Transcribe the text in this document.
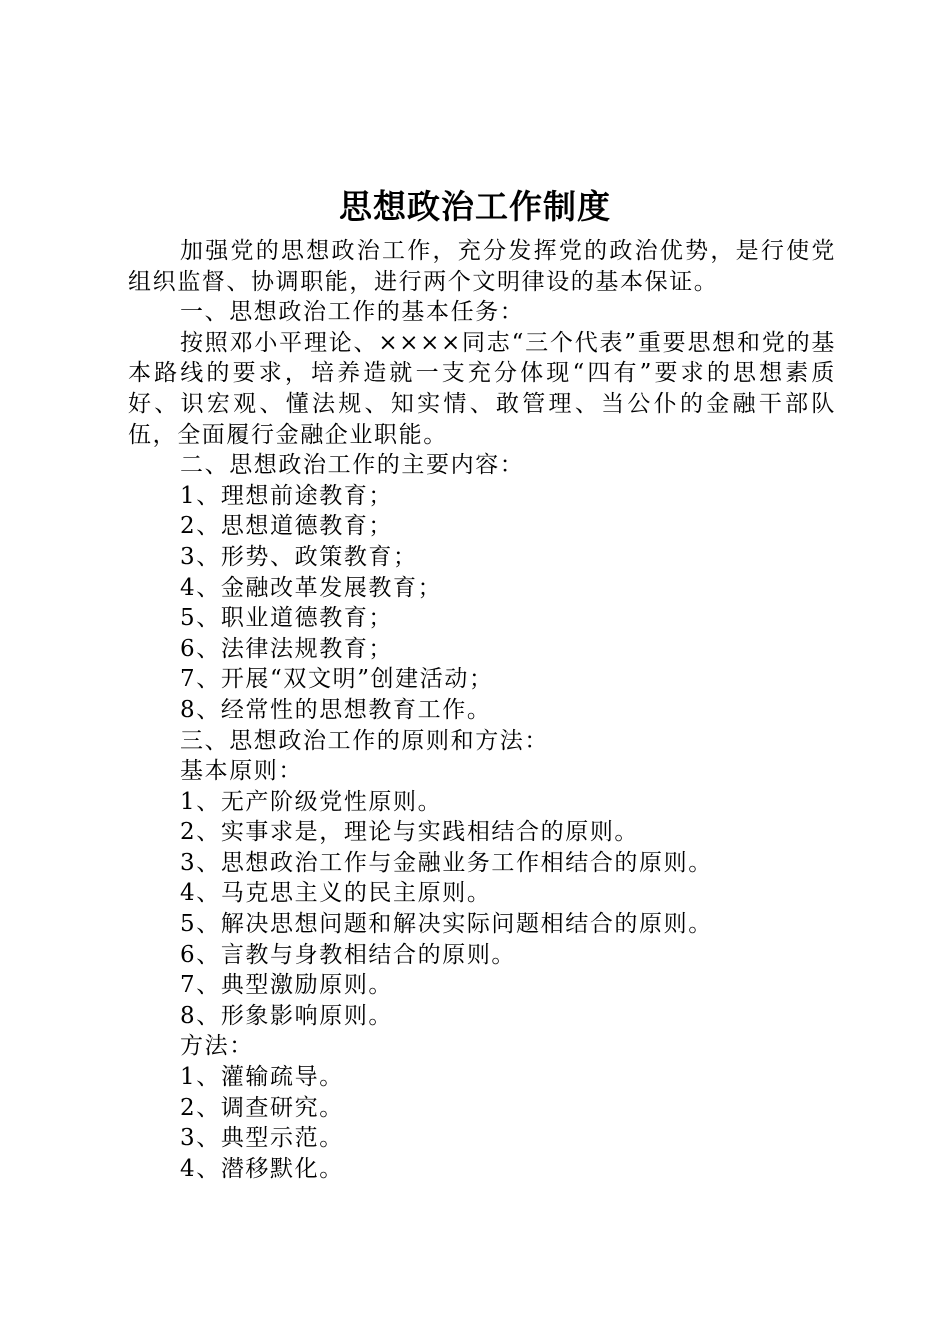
思想政治工作制度

加强党的思想政治工作，充分发挥党的政治优势，是行使党组织监督、协调职能，进行两个文明律设的基本保证。

一、思想政治工作的基本任务：

按照邓小平理论、××××同志“三个代表”重要思想和党的基本路线的要求，培养造就一支充分体现“四有”要求的思想素质好、识宏观、懂法规、知实情、敢管理、当公仆的金融干部队伍，全面履行金融企业职能。

二、思想政治工作的主要内容：

1、理想前途教育；

2、思想道德教育；

3、形势、政策教育；

4、金融改革发展教育；

5、职业道德教育；

6、法律法规教育；

7、开展“双文明”创建活动；

8、经常性的思想教育工作。

三、思想政治工作的原则和方法：

基本原则：

1、无产阶级党性原则。

2、实事求是，理论与实践相结合的原则。

3、思想政治工作与金融业务工作相结合的原则。

4、马克思主义的民主原则。

5、解决思想问题和解决实际问题相结合的原则。

6、言教与身教相结合的原则。

7、典型激励原则。

8、形象影响原则。

方法：

1、灌输疏导。

2、调查研究。

3、典型示范。

4、潜移默化。
